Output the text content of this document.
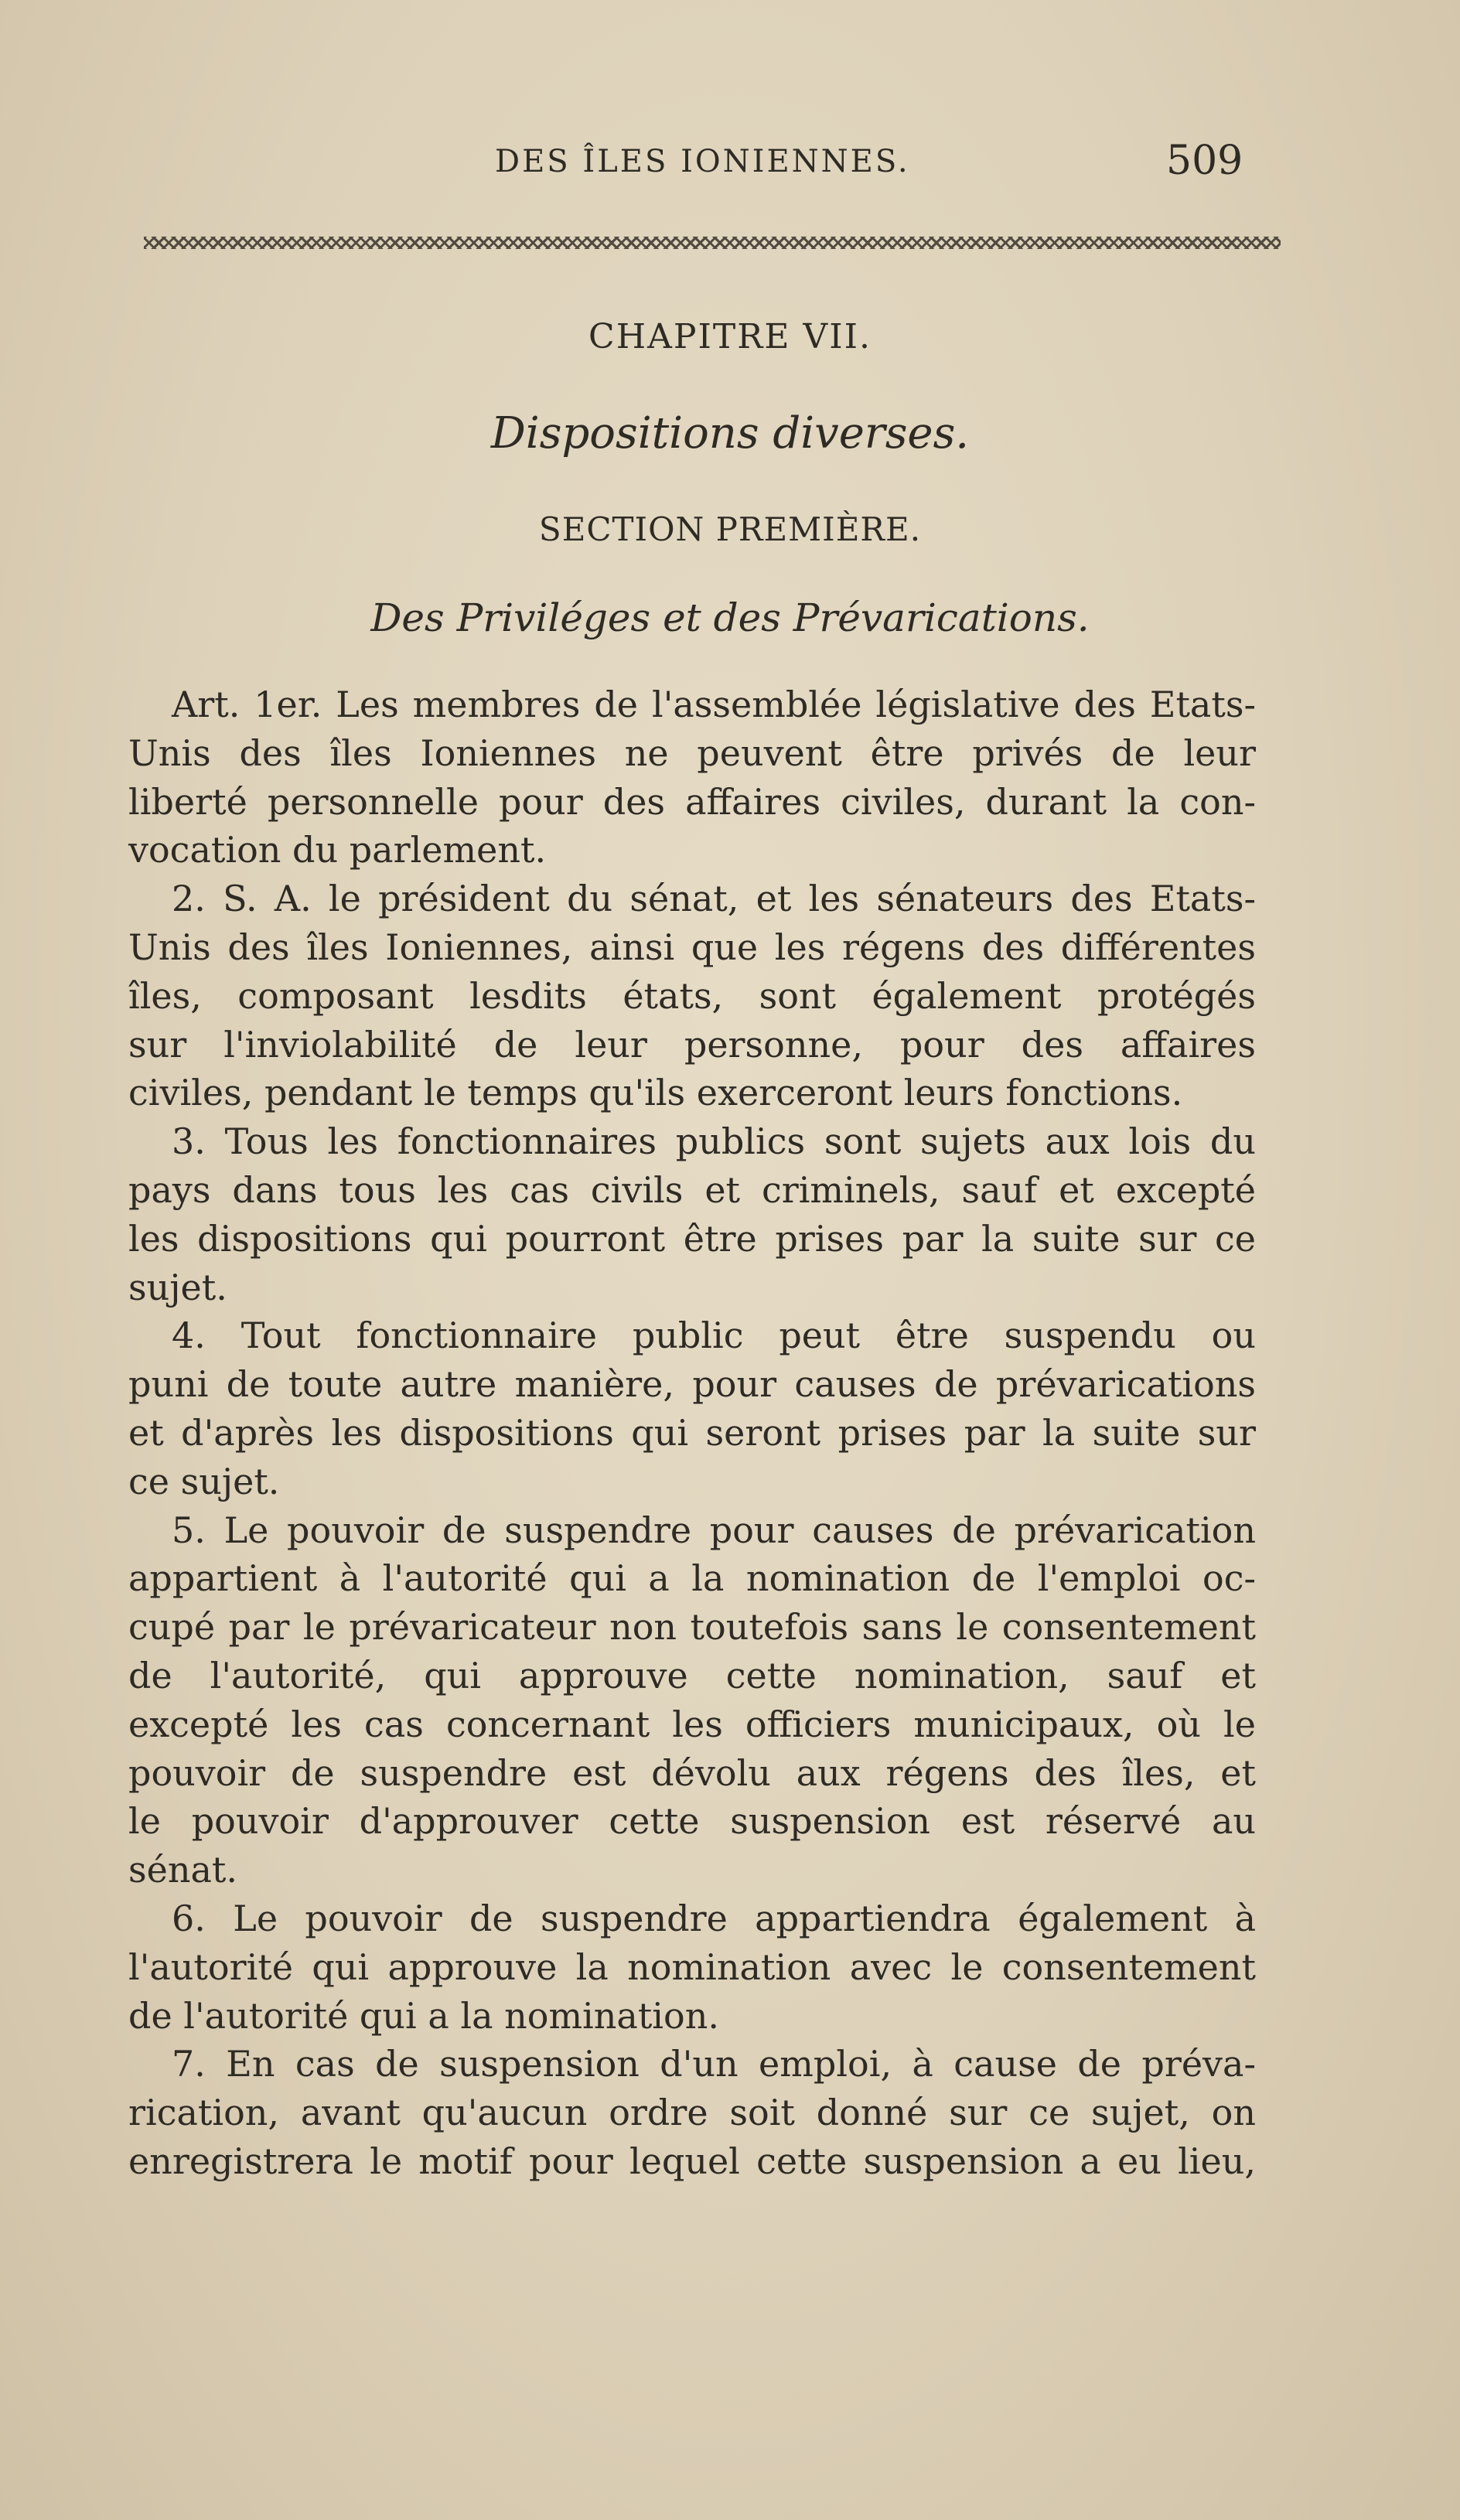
DES ÎLES IONIENNES.	509
CHAPITRE VII.
Dispositions diverses.
SECTION PREMIÈRE.
Des Priviléges et des Prévarications.
Art. 1er. Les membres de l'assemblée législative des Etats-
Unis des îles Ioniennes ne peuvent être privés de leur
liberté personnelle pour des affaires civiles, durant la con-
vocation du parlement.
2. S. A. le président du sénat, et les sénateurs des Etats-
Unis des îles Ioniennes, ainsi que les régens des différentes
îles, composant lesdits états, sont également protégés
sur l'inviolabilité de leur personne, pour des affaires
civiles, pendant le temps qu'ils exerceront leurs fonctions.
3. Tous les fonctionnaires publics sont sujets aux lois du
pays dans tous les cas civils et criminels, sauf et excepté
les dispositions qui pourront être prises par la suite sur ce
sujet.
4. Tout fonctionnaire public peut être suspendu ou
puni de toute autre manière, pour causes de prévarications
et d'après les dispositions qui seront prises par la suite sur
ce sujet.
5. Le pouvoir de suspendre pour causes de prévarication
appartient à l'autorité qui a la nomination de l'emploi oc-
cupé par le prévaricateur non toutefois sans le consentement
de l'autorité, qui approuve cette nomination, sauf et
excepté les cas concernant les officiers municipaux, où le
pouvoir de suspendre est dévolu aux régens des îles, et
le pouvoir d'approuver cette suspension est réservé au
sénat.
6. Le pouvoir de suspendre appartiendra également à
l'autorité qui approuve la nomination avec le consentement
de l'autorité qui a la nomination.
7. En cas de suspension d'un emploi, à cause de préva-
rication, avant qu'aucun ordre soit donné sur ce sujet, on
enregistrera le motif pour lequel cette suspension a eu lieu,
